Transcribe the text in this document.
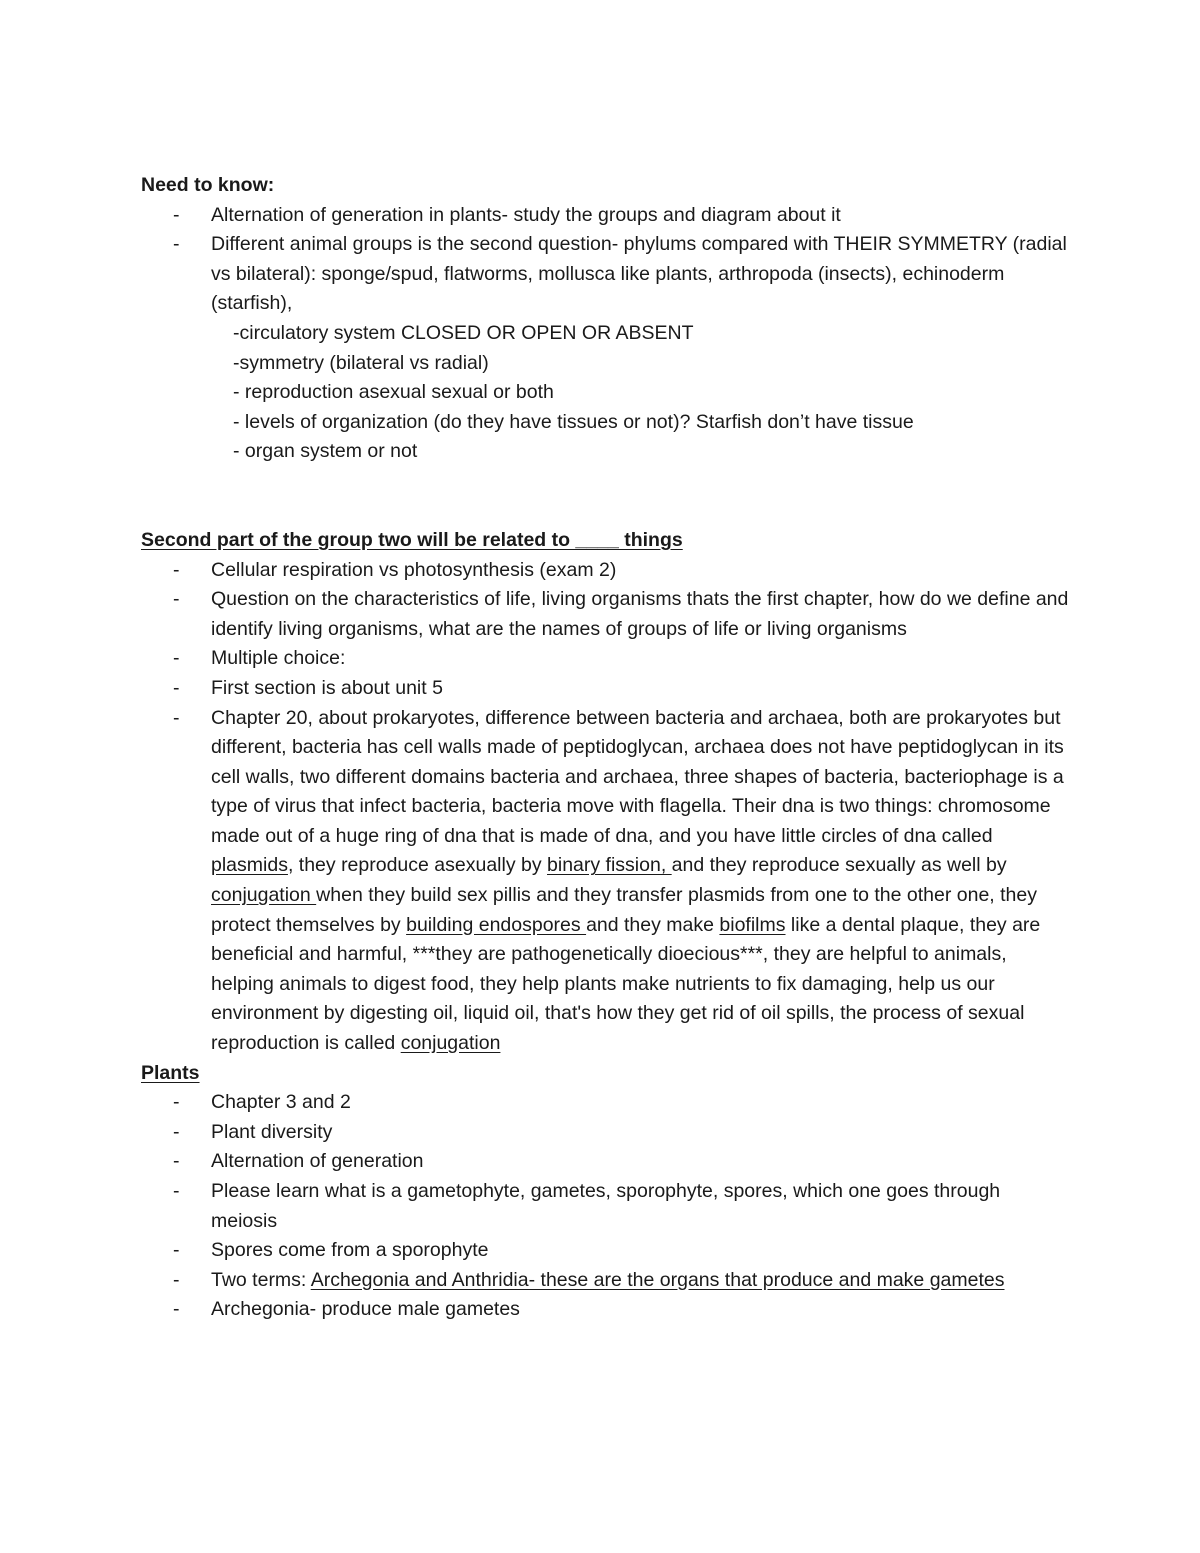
Need to know:

- Alternation of generation in plants- study the groups and diagram about it
- Different animal groups is the second question- phylums compared with THEIR SYMMETRY (radial vs bilateral): sponge/spud, flatworms, mollusca like plants, arthropoda (insects), echinoderm (starfish),

-circulatory system CLOSED OR OPEN OR ABSENT

-symmetry (bilateral vs radial)

- reproduction asexual sexual or both

- levels of organization (do they have tissues or not)? Starfish don’t have tissue

- organ system or not

Second part of the group two will be related to ____ things

- Cellular respiration vs photosynthesis (exam 2)
- Question on the characteristics of life, living organisms thats the first chapter, how do we define and identify living organisms, what are the names of groups of life or living organisms
- Multiple choice:
- First section is about unit 5
- Chapter 20, about prokaryotes, difference between bacteria and archaea, both are prokaryotes but different, bacteria has cell walls made of peptidoglycan, archaea does not have peptidoglycan in its cell walls, two different domains bacteria and archaea, three shapes of bacteria, bacteriophage is a type of virus that infect bacteria, bacteria move with flagella. Their dna is two things: chromosome made out of a huge ring of dna that is made of dna, and you have little circles of dna called plasmids, they reproduce asexually by binary fission, and they reproduce sexually as well by conjugation when they build sex pillis and they transfer plasmids from one to the other one, they protect themselves by building endospores and they make biofilms like a dental plaque, they are beneficial and harmful, ***they are pathogenetically dioecious***, they are helpful to animals, helping animals to digest food, they help plants make nutrients to fix damaging, help us our environment by digesting oil, liquid oil, that's how they get rid of oil spills, the process of sexual reproduction is called conjugation

Plants

- Chapter 3 and 2
- Plant diversity
- Alternation of generation
- Please learn what is a gametophyte, gametes, sporophyte, spores, which one goes through meiosis
- Spores come from a sporophyte
- Two terms: Archegonia and Anthridia- these are the organs that produce and make gametes
- Archegonia- produce male gametes
